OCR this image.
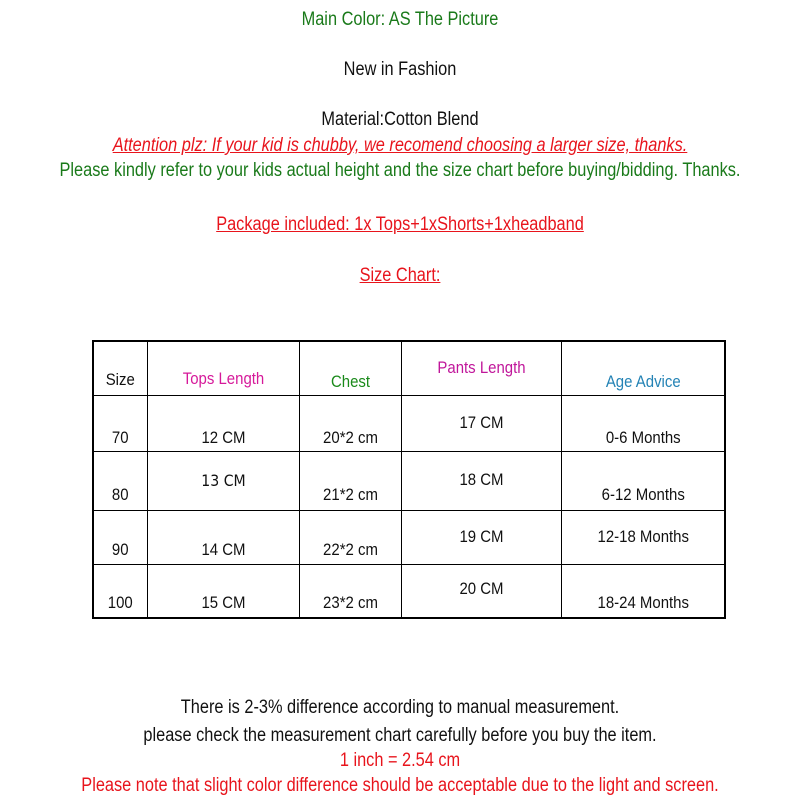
Main Color: AS The Picture
New in Fashion
Material:Cotton Blend
Attention plz: If your kid is chubby, we recomend choosing a larger size, thanks.
Please kindly refer to your kids actual height and the size chart before buying/bidding. Thanks.
Package included: 1x Tops+1xShorts+1xheadband
Size Chart:
Size	Tops Length	Chest	Pants Length	Age Advice

70	12 CM	20*2 cm	17 CM	0-6 Months

80	13 CM	21*2 cm	18 CM	6-12 Months

90	14 CM	22*2 cm	19 CM	12-18 Months

100	15 CM	23*2 cm	20 CM	18-24 Months
There is 2-3% difference according to manual measurement.
please check the measurement chart carefully before you buy the item.
1 inch = 2.54 cm
Please note that slight color difference should be acceptable due to the light and screen.
